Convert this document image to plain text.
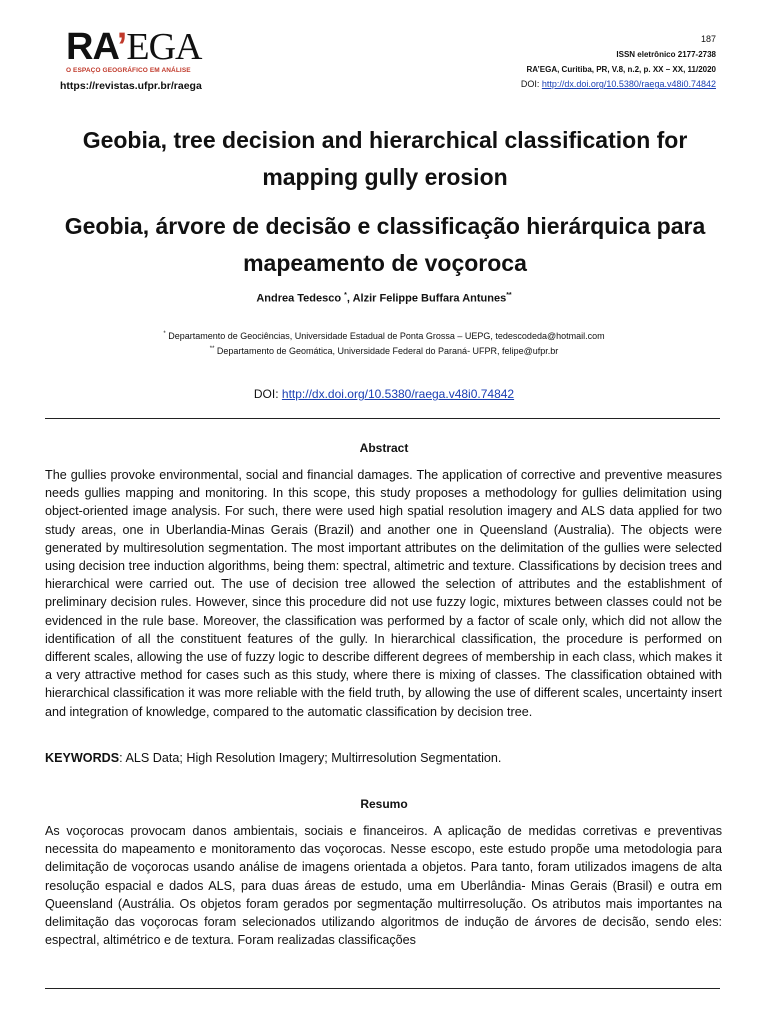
RA’EGA
O ESPAÇO GEOGRÁFICO EM ANÁLISE
https://revistas.ufpr.br/raega
187
ISSN eletrônico 2177-2738
RA’EGA, Curitiba, PR, V.8, n.2, p. XX – XX, 11/2020
DOI: http://dx.doi.org/10.5380/raega.v48i0.74842
Geobia, tree decision and hierarchical classification for mapping gully erosion
Geobia, árvore de decisão e classificação hierárquica para mapeamento de voçoroca
Andrea Tedesco *, Alzir Felippe Buffara Antunes**
* Departamento de Geociências, Universidade Estadual de Ponta Grossa – UEPG, tedescodeda@hotmail.com
** Departamento de Geomática, Universidade Federal do Paraná- UFPR, felipe@ufpr.br
DOI: http://dx.doi.org/10.5380/raega.v48i0.74842
Abstract
The gullies provoke environmental, social and financial damages. The application of corrective and preventive measures needs gullies mapping and monitoring. In this scope, this study proposes a methodology for gullies delimitation using object-oriented image analysis. For such, there were used high spatial resolution imagery and ALS data applied for two study areas, one in Uberlandia-Minas Gerais (Brazil) and another one in Queensland (Australia). The objects were generated by multiresolution segmentation. The most important attributes on the delimitation of the gullies were selected using decision tree induction algorithms, being them: spectral, altimetric and texture. Classifications by decision trees and hierarchical were carried out. The use of decision tree allowed the selection of attributes and the establishment of preliminary decision rules. However, since this procedure did not use fuzzy logic, mixtures between classes could not be evidenced in the rule base. Moreover, the classification was performed by a factor of scale only, which did not allow the identification of all the constituent features of the gully. In hierarchical classification, the procedure is performed on different scales, allowing the use of fuzzy logic to describe different degrees of membership in each class, which makes it a very attractive method for cases such as this study, where there is mixing of classes. The classification obtained with hierarchical classification it was more reliable with the field truth, by allowing the use of different scales, uncertainty insert and integration of knowledge, compared to the automatic classification by decision tree.
KEYWORDS: ALS Data; High Resolution Imagery; Multirresolution Segmentation.
Resumo
As voçorocas provocam danos ambientais, sociais e financeiros. A aplicação de medidas corretivas e preventivas necessita do mapeamento e monitoramento das voçorocas. Nesse escopo, este estudo propõe uma metodologia para delimitação de voçorocas usando análise de imagens orientada a objetos. Para tanto, foram utilizados imagens de alta resolução espacial e dados ALS, para duas áreas de estudo, uma em Uberlândia- Minas Gerais (Brasil) e outra em Queensland (Austrália. Os objetos foram gerados por segmentação multirresolução. Os atributos mais importantes na delimitação das voçorocas foram selecionados utilizando algoritmos de indução de árvores de decisão, sendo eles: espectral, altimétrico e de textura. Foram realizadas classificações
